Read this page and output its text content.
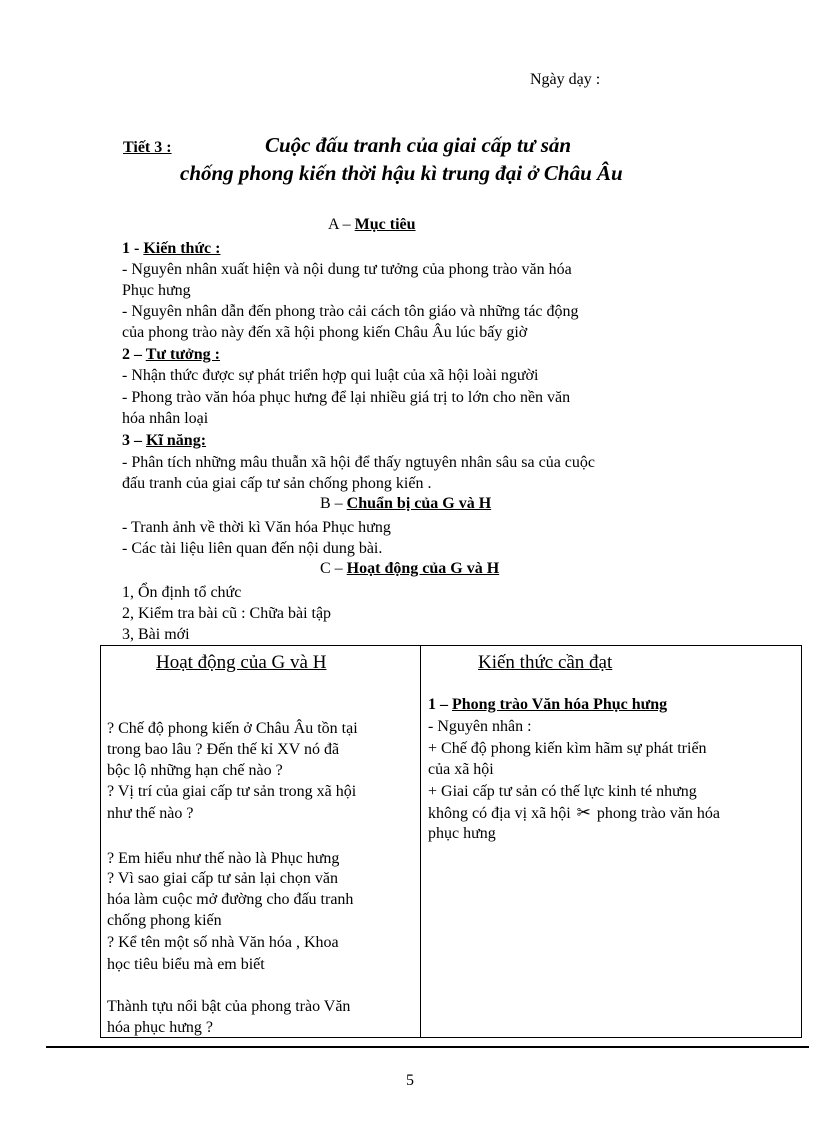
Ngày dạy :
Tiết 3 :	Cuộc đấu tranh của giai cấp tư sản
chống phong kiến thời hậu kì trung đại ở Châu Âu
A – Mục tiêu
1 - Kiến thức :
- Nguyên nhân xuất hiện và nội dung tư tưởng của phong trào văn hóa
Phục hưng
- Nguyên nhân dẫn đến phong trào cải cách tôn giáo và những tác động
của phong trào này đến xã hội phong kiến Châu Âu lúc bấy giờ
2 – Tư tưởng :
- Nhận thức được sự phát triển hợp qui luật của xã hội loài người
- Phong trào văn hóa phục hưng để lại nhiều giá trị to lớn cho nền văn
hóa nhân loại
3 – Kĩ năng:
- Phân tích những mâu thuẫn xã hội để thấy ngtuyên nhân sâu sa của cuộc
đấu tranh của giai cấp tư sản chống phong kiến .
B – Chuẩn bị của G và H
- Tranh ảnh về thời kì Văn hóa Phục hưng
- Các tài liệu liên quan đến nội dung bài.
C – Hoạt động của G và H
1, Ổn định tổ chức
2, Kiểm tra bài cũ : Chữa bài tập
3, Bài mới
Hoạt động của G và H
? Chế độ phong kiến ở Châu Âu tồn tại
trong bao lâu ? Đến thế kỉ XV nó đã
bộc lộ những hạn chế nào ?
? Vị trí của giai cấp tư sản trong xã hội
như thế nào ?
? Em hiểu như thế nào là Phục hưng
? Vì sao giai cấp tư sản lại chọn văn
hóa làm cuộc mở đường cho đấu tranh
chống phong kiến
? Kể tên một số nhà Văn hóa , Khoa
học tiêu biểu mà em biết
Thành tựu nổi bật của phong trào Văn
hóa phục hưng ?
Kiến thức cần đạt
1 – Phong trào Văn hóa Phục hưng
- Nguyên nhân :
+ Chế độ phong kiến kìm hãm sự phát triển
của xã hội
+ Giai cấp tư sản có thế lực kinh té nhưng
không có địa vị xã hội ✂ phong trào văn hóa
phục hưng
5
